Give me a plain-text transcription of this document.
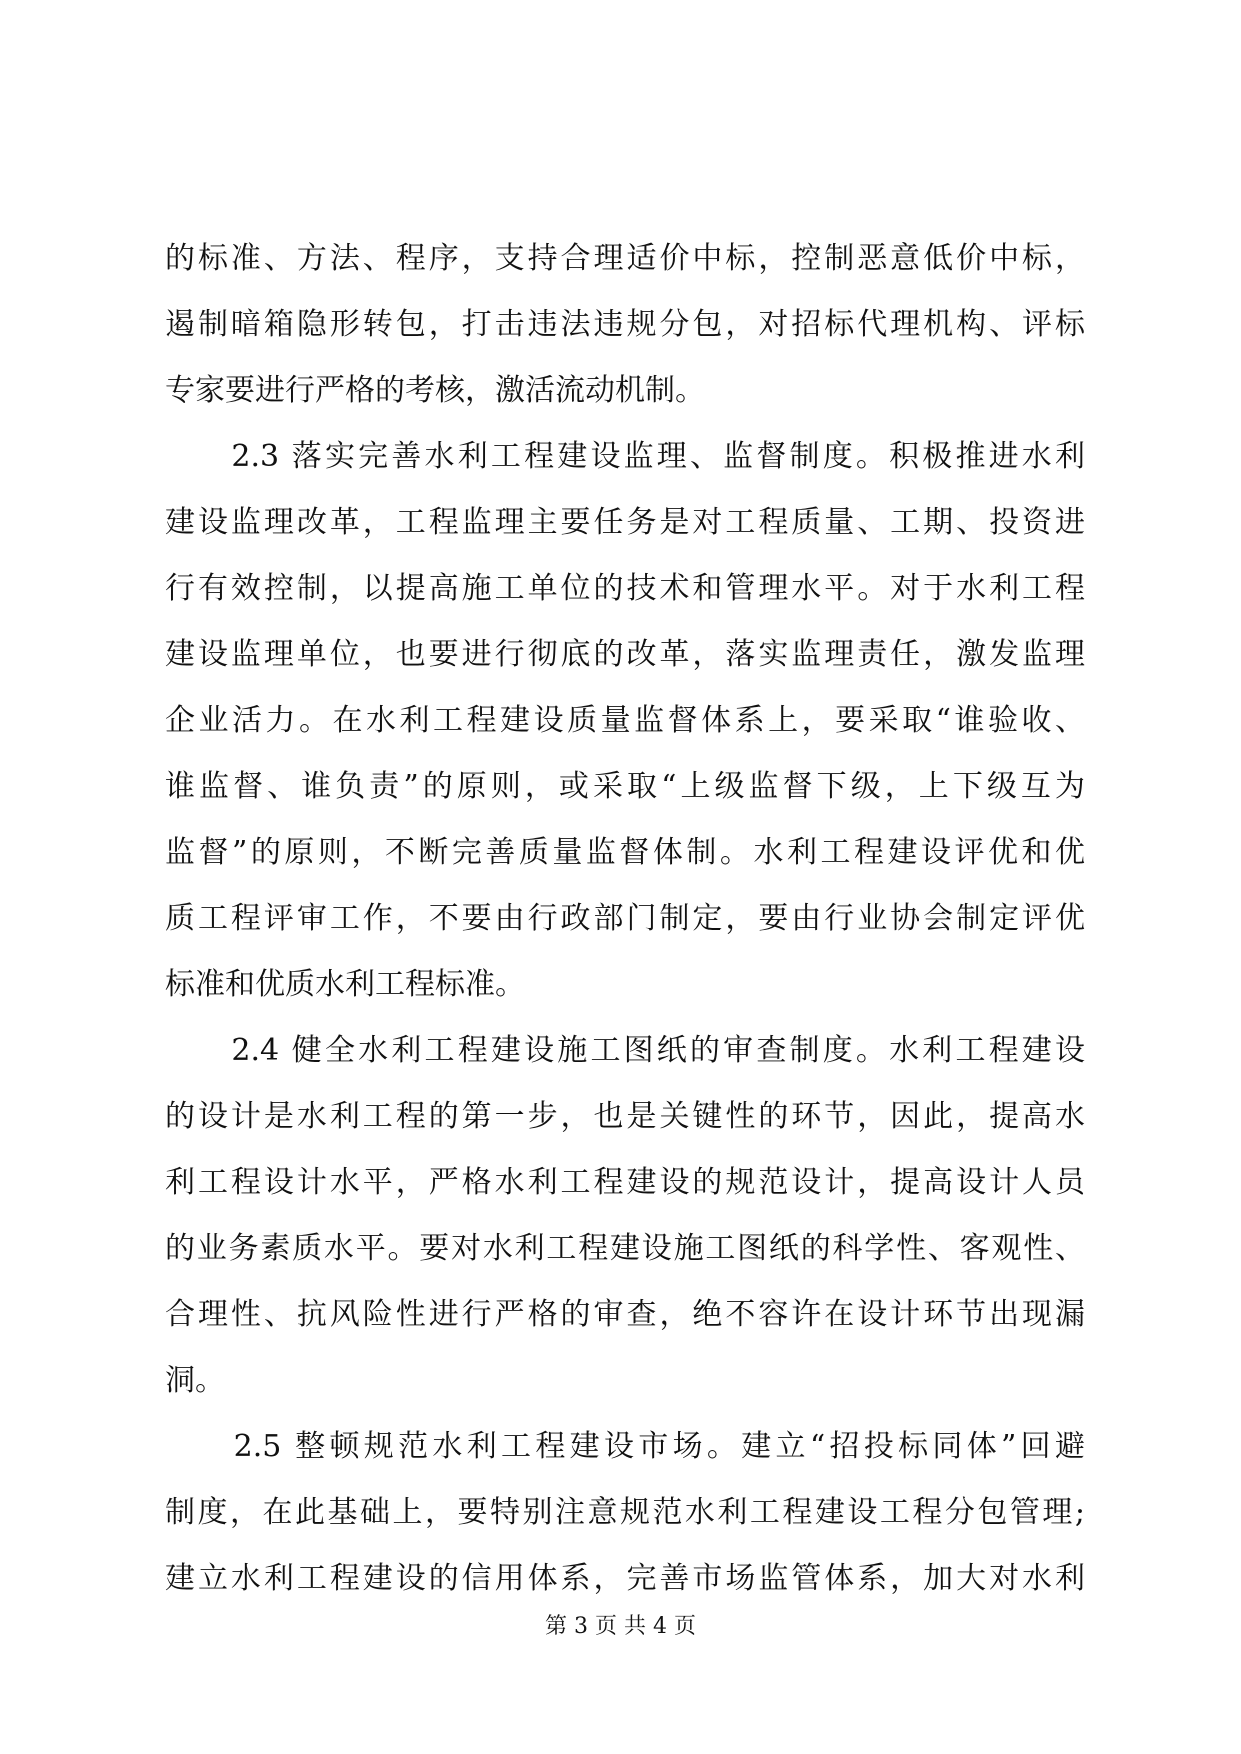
的标准、方法、程序，支持合理适价中标，控制恶意低价中标，
遏制暗箱隐形转包，打击违法违规分包，对招标代理机构、评标
专家要进行严格的考核，激活流动机制。
　　2.3 落实完善水利工程建设监理、监督制度。积极推进水利
建设监理改革，工程监理主要任务是对工程质量、工期、投资进
行有效控制，以提高施工单位的技术和管理水平。对于水利工程
建设监理单位，也要进行彻底的改革，落实监理责任，激发监理
企业活力。在水利工程建设质量监督体系上，要采取“谁验收、
谁监督、谁负责”的原则，或采取“上级监督下级，上下级互为
监督”的原则，不断完善质量监督体制。水利工程建设评优和优
质工程评审工作，不要由行政部门制定，要由行业协会制定评优
标准和优质水利工程标准。
　　2.4 健全水利工程建设施工图纸的审查制度。水利工程建设
的设计是水利工程的第一步，也是关键性的环节，因此，提高水
利工程设计水平，严格水利工程建设的规范设计，提高设计人员
的业务素质水平。要对水利工程建设施工图纸的科学性、客观性、
合理性、抗风险性进行严格的审查，绝不容许在设计环节出现漏
洞。
　　2.5 整顿规范水利工程建设市场。建立“招投标同体”回避
制度，在此基础上，要特别注意规范水利工程建设工程分包管理;
建立水利工程建设的信用体系，完善市场监管体系，加大对水利
第 3 页 共 4 页
